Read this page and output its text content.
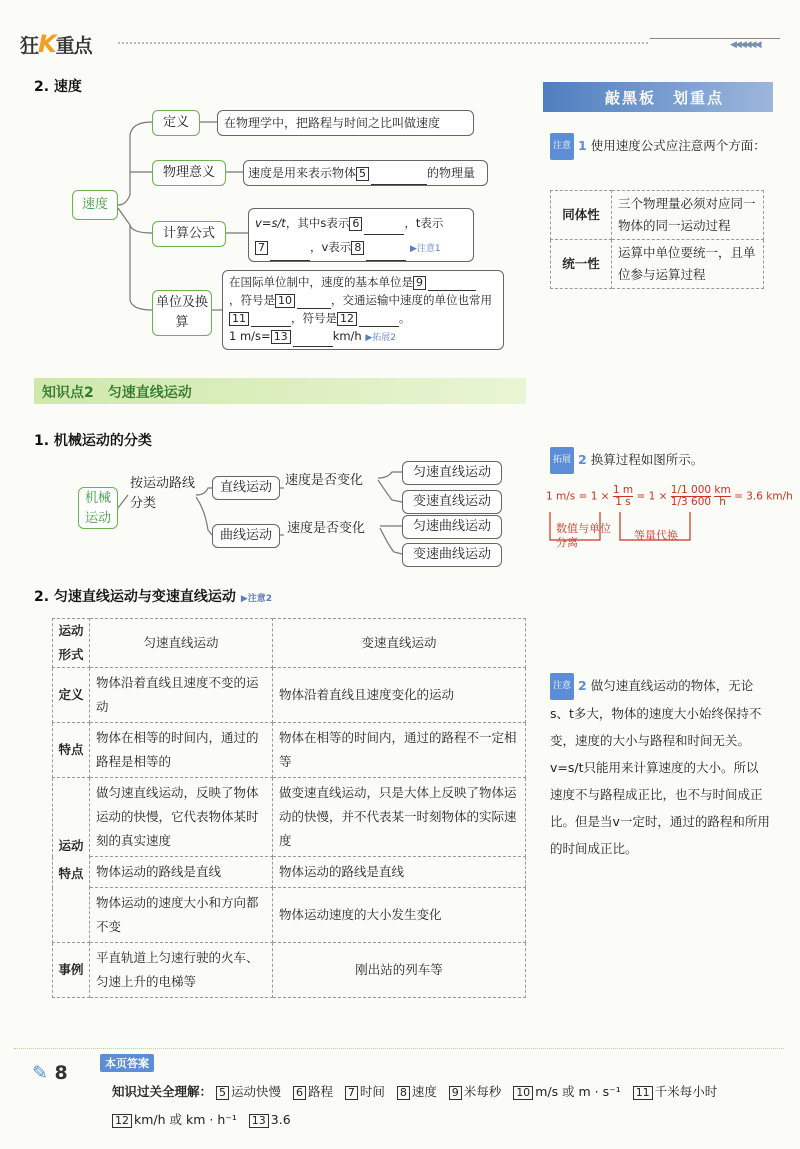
狂K重点	◀◀◀◀◀◀
2. 速度
速度
定义	在物理学中，把路程与时间之比叫做速度
物理意义	速度是用来表示物体 5	的物理量
计算公式
v=s/t，其中s表示 6	，t表示
7	，v表示 8	▶注意1
单位及换算
在国际单位制中，速度的基本单位是 9
，符号是 10	，交通运输中速度的单位也常用
11	，符号是 12	。
1 m/s= 13	km/h ▶拓展2
知识点2　匀速直线运动
1. 机械运动的分类
机械运动
按运动路线分类
直线运动
曲线运动
速度是否变化
速度是否变化
匀速直线运动
变速直线运动
匀速曲线运动
变速曲线运动
2. 匀速直线运动与变速直线运动 ▶注意2
运动形式	匀速直线运动	变速直线运动
定义	物体沿着直线且速度不变的运动	物体沿着直线且速度变化的运动
特点	物体在相等的时间内，通过的路程是相等的	物体在相等的时间内，通过的路程不一定相等
运动特点	做匀速直线运动，反映了物体运动的快慢，它代表物体某时刻的真实速度	做变速直线运动，只是大体上反映了物体运动的快慢，并不代表某一时刻物体的实际速度
	物体运动的路线是直线	物体运动的路线是直线
	物体运动的速度大小和方向都不变	物体运动速度的大小发生变化
事例	平直轨道上匀速行驶的火车、匀速上升的电梯等	刚出站的列车等
敲黑板　划重点
注意 1 使用速度公式应注意两个方面：
同体性	三个物理量必须对应同一物体的同一运动过程
统一性	运算中单位要统一，且单位参与运算过程
拓展 2 换算过程如图所示。
1 $m/s = 1 \times \frac{1 m}{1 s} = 1 \times \frac{1/1 000}{1/3 600}$
$\frac{km}{h} = 3.6$ km/h
数值与单位分离
等量代换
注意 2 做匀速直线运动的物体，无论s、t多大，物体的速度大小始终保持不变，速度的大小与路程和时间无关。v=s/t只能用来计算速度的大小。所以速度不与路程成正比，也不与时间成正比。但是当v一定时，通过的路程和所用的时间成正比。
✎ 8	本页答案
知识过关全理解： 5 运动快慢 6 路程 7 时间 8 速度 9 米每秒 10 m/s 或 m · s⁻¹ 11 千米每小时
12 km/h 或 km · h⁻¹ 13 3.6
